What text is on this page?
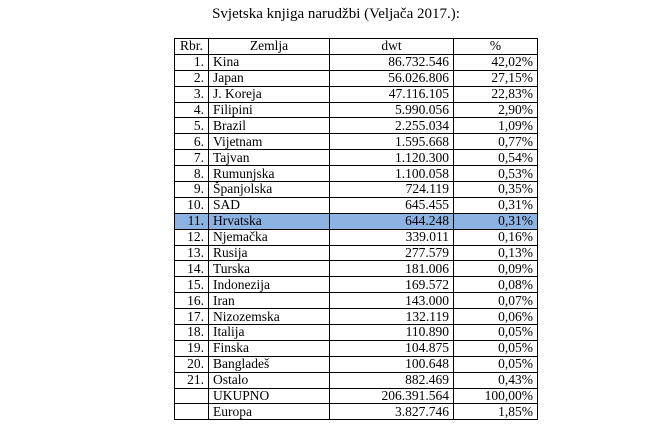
Svjetska knjiga narudžbi (Veljača 2017.):
Rbr.	Zemlja	dwt	%
1.	Kina	86.732.546	42,02%
2.	Japan	56.026.806	27,15%
3.	J. Koreja	47.116.105	22,83%
4.	Filipini	5.990.056	2,90%
5.	Brazil	2.255.034	1,09%
6.	Vijetnam	1.595.668	0,77%
7.	Tajvan	1.120.300	0,54%
8.	Rumunjska	1.100.058	0,53%
9.	Španjolska	724.119	0,35%
10.	SAD	645.455	0,31%
11.	Hrvatska	644.248	0,31%
12.	Njemačka	339.011	0,16%
13.	Rusija	277.579	0,13%
14.	Turska	181.006	0,09%
15.	Indonezija	169.572	0,08%
16.	Iran	143.000	0,07%
17.	Nizozemska	132.119	0,06%
18.	Italija	110.890	0,05%
19.	Finska	104.875	0,05%
20.	Bangladeš	100.648	0,05%
21.	Ostalo	882.469	0,43%
	UKUPNO	206.391.564	100,00%
	Europa	3.827.746	1,85%
